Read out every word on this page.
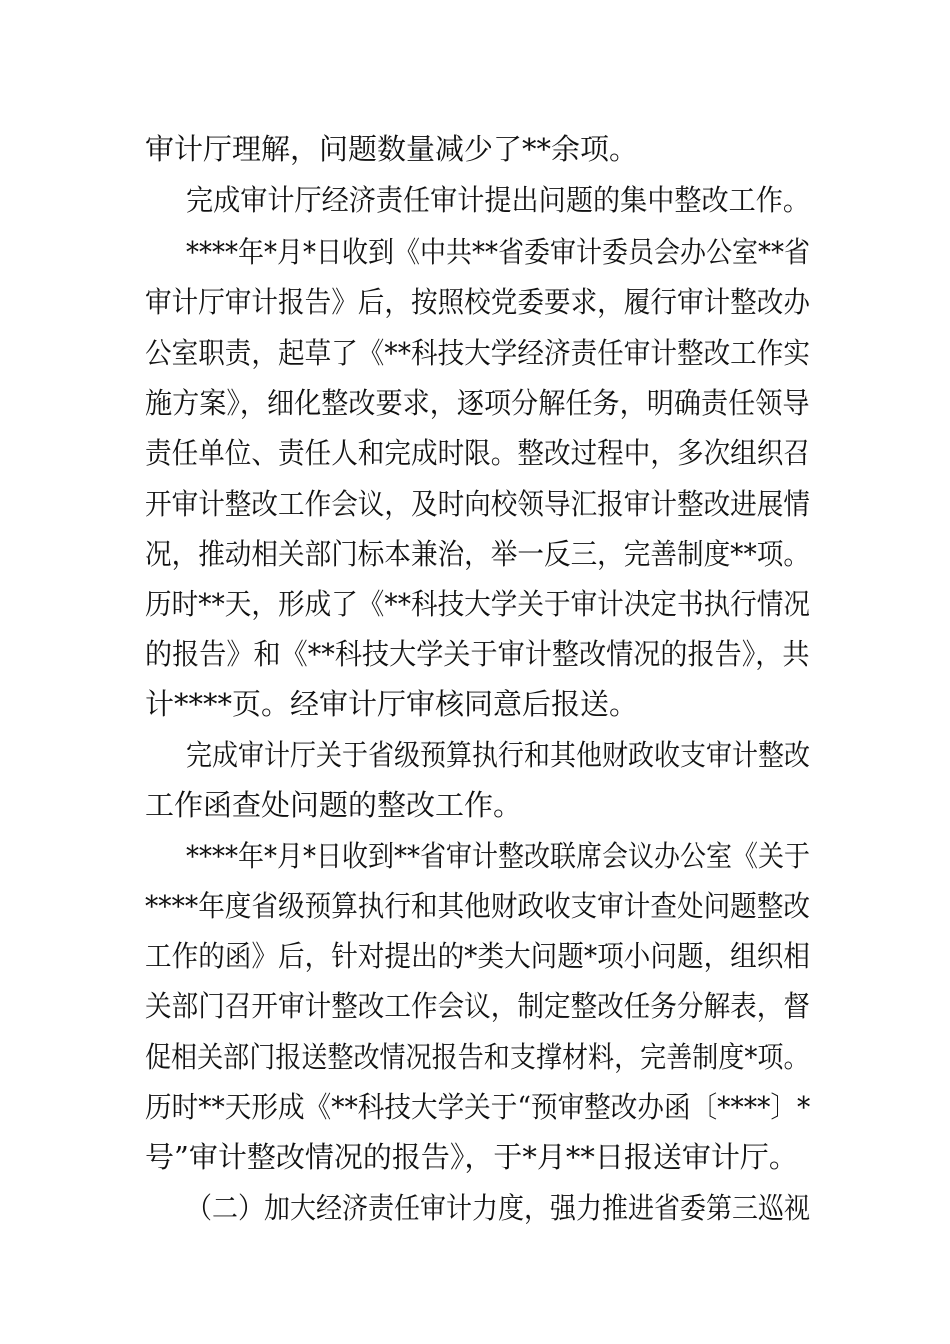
审计厅理解，问题数量减少了**余项。
完成审计厅经济责任审计提出问题的集中整改工作。
****年*月*日收到《中共**省委审计委员会办公室**省
审计厅审计报告》后，按照校党委要求，履行审计整改办
公室职责，起草了《**科技大学经济责任审计整改工作实
施方案》，细化整改要求，逐项分解任务，明确责任领导
责任单位、责任人和完成时限。整改过程中，多次组织召
开审计整改工作会议，及时向校领导汇报审计整改进展情
况，推动相关部门标本兼治，举一反三，完善制度**项。
历时**天，形成了《**科技大学关于审计决定书执行情况
的报告》和《**科技大学关于审计整改情况的报告》，共
计****页。经审计厅审核同意后报送。
完成审计厅关于省级预算执行和其他财政收支审计整改
工作函查处问题的整改工作。
****年*月*日收到**省审计整改联席会议办公室《关于
****年度省级预算执行和其他财政收支审计查处问题整改
工作的函》后，针对提出的*类大问题*项小问题，组织相
关部门召开审计整改工作会议，制定整改任务分解表，督
促相关部门报送整改情况报告和支撑材料，完善制度*项。
历时**天形成《**科技大学关于“预审整改办函〔****〕*
号”审计整改情况的报告》，于*月**日报送审计厅。
（二）加大经济责任审计力度，强力推进省委第三巡视
